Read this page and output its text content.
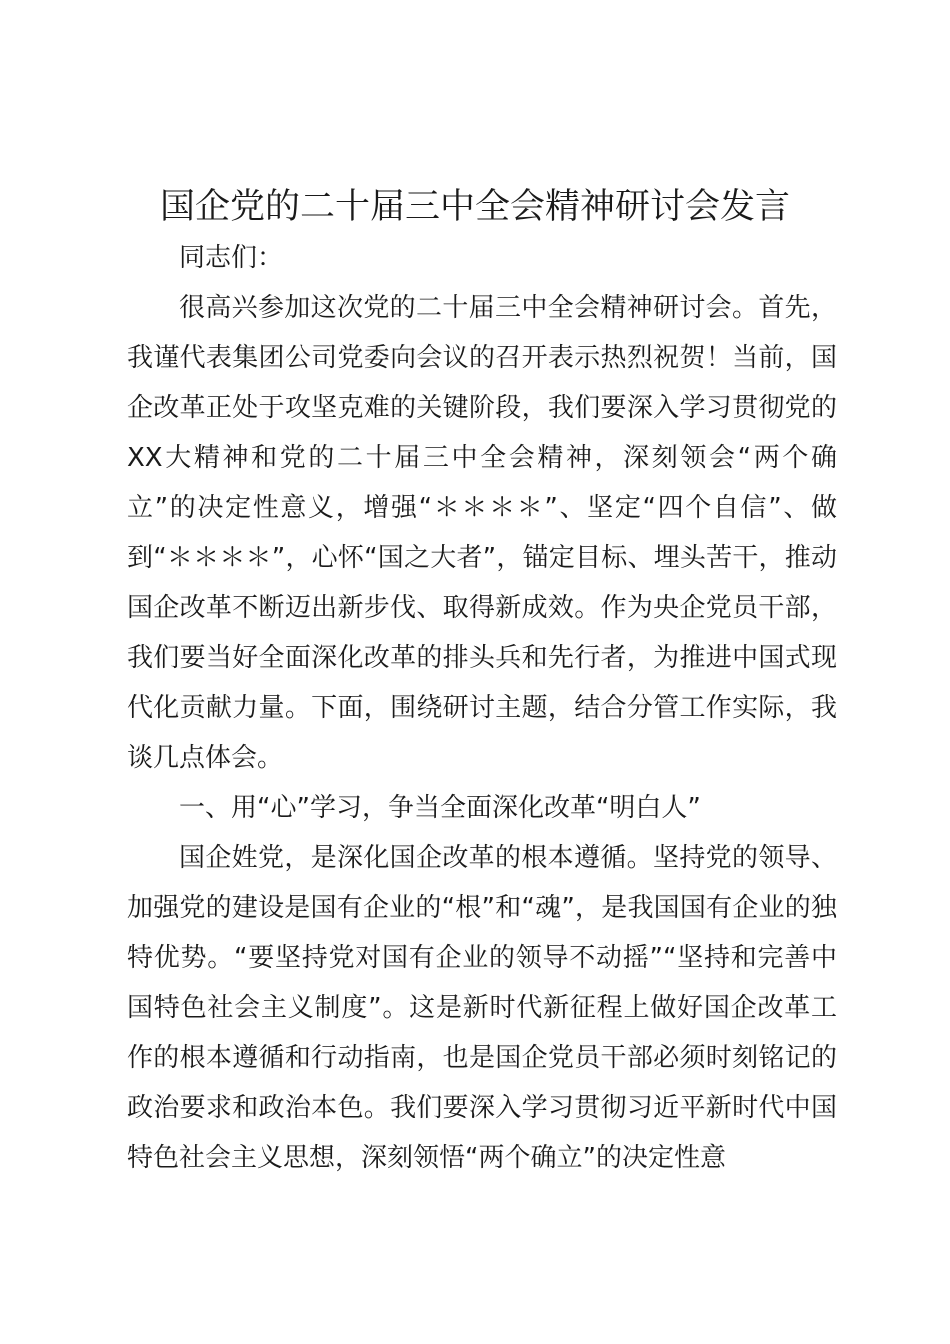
国企党的二十届三中全会精神研讨会发言

同志们：

很高兴参加这次党的二十届三中全会精神研讨会。首先，我谨代表集团公司党委向会议的召开表示热烈祝贺！当前，国企改革正处于攻坚克难的关键阶段，我们要深入学习贯彻党的XX大精神和党的二十届三中全会精神，深刻领会“两个确立”的决定性意义，增强“＊＊＊＊”、坚定“四个自信”、做到“＊＊＊＊”，心怀“国之大者”，锚定目标、埋头苦干，推动国企改革不断迈出新步伐、取得新成效。作为央企党员干部，我们要当好全面深化改革的排头兵和先行者，为推进中国式现代化贡献力量。下面，围绕研讨主题，结合分管工作实际，我谈几点体会。

一、用“心”学习，争当全面深化改革“明白人”

国企姓党，是深化国企改革的根本遵循。坚持党的领导、加强党的建设是国有企业的“根”和“魂”，是我国国有企业的独特优势。“要坚持党对国有企业的领导不动摇”“坚持和完善中国特色社会主义制度”。这是新时代新征程上做好国企改革工作的根本遵循和行动指南，也是国企党员干部必须时刻铭记的政治要求和政治本色。我们要深入学习贯彻习近平新时代中国特色社会主义思想，深刻领悟“两个确立”的决定性意
